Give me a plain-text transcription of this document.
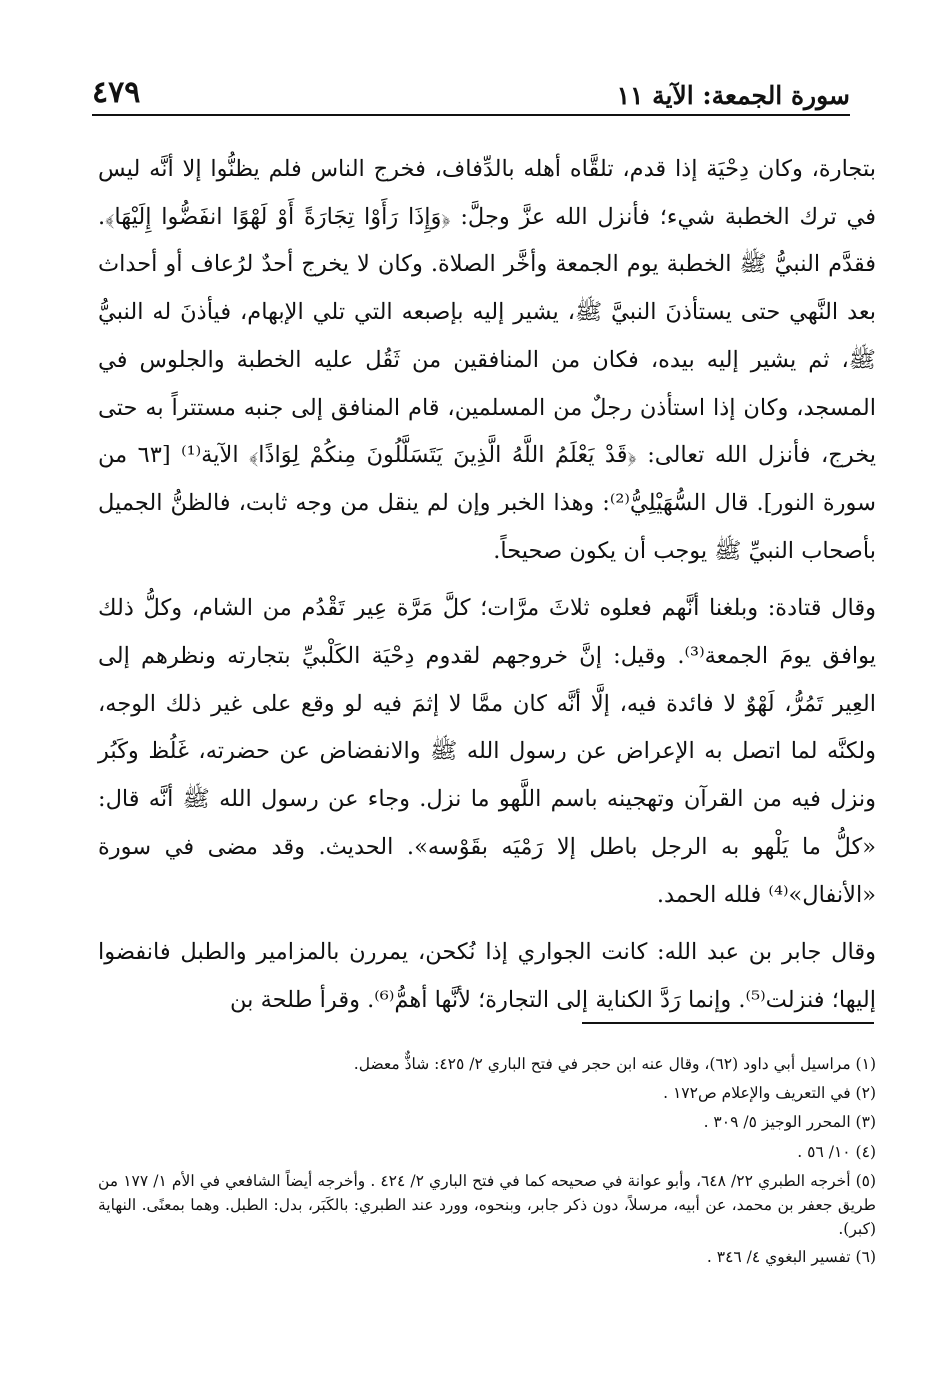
سورة الجمعة: الآية ١١
٤٧٩

بتجارة، وكان دِحْيَة إذا قدم، تلقَّاه أهله بالدِّفاف، فخرج الناس فلم يظنُّوا إلا أنَّه ليس في ترك الخطبة شيء؛ فأنزل الله عزَّ وجلَّ: ﴿وَإِذَا رَأَوْا تِجَارَةً أَوْ لَهْوًا انفَضُّوا إِلَيْهَا﴾. فقدَّم النبيُّ ﷺ الخطبة يوم الجمعة وأخَّر الصلاة. وكان لا يخرج أحدٌ لرُعاف أو أحداث بعد النَّهي حتى يستأذنَ النبيَّ ﷺ، يشير إليه بإصبعه التي تلي الإبهام، فيأذنَ له النبيُّ ﷺ، ثم يشير إليه بيده، فكان من المنافقين من ثَقُل عليه الخطبة والجلوس في المسجد، وكان إذا استأذن رجلٌ من المسلمين، قام المنافق إلى جنبه مستتراً به حتى يخرج، فأنزل الله تعالى: ﴿قَدْ يَعْلَمُ اللَّهُ الَّذِينَ يَتَسَلَّلُونَ مِنكُمْ لِوَاذًا﴾ الآية⁽¹⁾ [٦٣ من سورة النور]. قال السُّهَيْلِيُّ⁽²⁾: وهذا الخبر وإن لم ينقل من وجه ثابت، فالظنُّ الجميل بأصحاب النبيِّ ﷺ يوجب أن يكون صحيحاً.

وقال قتادة: وبلغنا أنَّهم فعلوه ثلاثَ مرَّات؛ كلَّ مَرَّة عِير تَقْدُم من الشام، وكلُّ ذلك يوافق يومَ الجمعة⁽³⁾. وقيل: إنَّ خروجهم لقدوم دِحْيَة الكَلْبيِّ بتجارته ونظرهم إلى العِير تَمُرُّ، لَهْوٌ لا فائدة فيه، إلَّا أنَّه كان ممَّا لا إثمَ فيه لو وقع على غير ذلك الوجه، ولكنَّه لما اتصل به الإعراض عن رسول الله ﷺ والانفضاض عن حضرته، غَلُظ وكَبُر ونزل فيه من القرآن وتهجينه باسم اللَّهو ما نزل. وجاء عن رسول الله ﷺ أنَّه قال: «كلُّ ما يَلْهو به الرجل باطل إلا رَمْيَه بقَوْسه». الحديث. وقد مضى في سورة «الأنفال»⁽⁴⁾ فلله الحمد.

وقال جابر بن عبد الله: كانت الجواري إذا نُكحن، يمررن بالمزامير والطبل فانفضوا إليها؛ فنزلت⁽⁵⁾. وإنما رَدَّ الكناية إلى التجارة؛ لأنَّها أهمُّ⁽⁶⁾. وقرأ طلحة بن

(١) مراسيل أبي داود (٦٢)، وقال عنه ابن حجر في فتح الباري ٢/ ٤٢٥: شاذٌّ معضل.

(٢) في التعريف والإعلام ص١٧٢ .

(٣) المحرر الوجيز ٥/ ٣٠٩ .

(٤) ١٠/ ٥٦ .

(٥) أخرجه الطبري ٢٢/ ٦٤٨، وأبو عوانة في صحيحه كما في فتح الباري ٢/ ٤٢٤ . وأخرجه أيضاً الشافعي في الأم ١/ ١٧٧ من طريق جعفر بن محمد، عن أبيه، مرسلاً، دون ذكر جابر، وبنحوه، وورد عند الطبري: بالكَبَر، بدل: الطبل. وهما بمعنًى. النهاية (كبر).

(٦) تفسير البغوي ٤/ ٣٤٦ .
